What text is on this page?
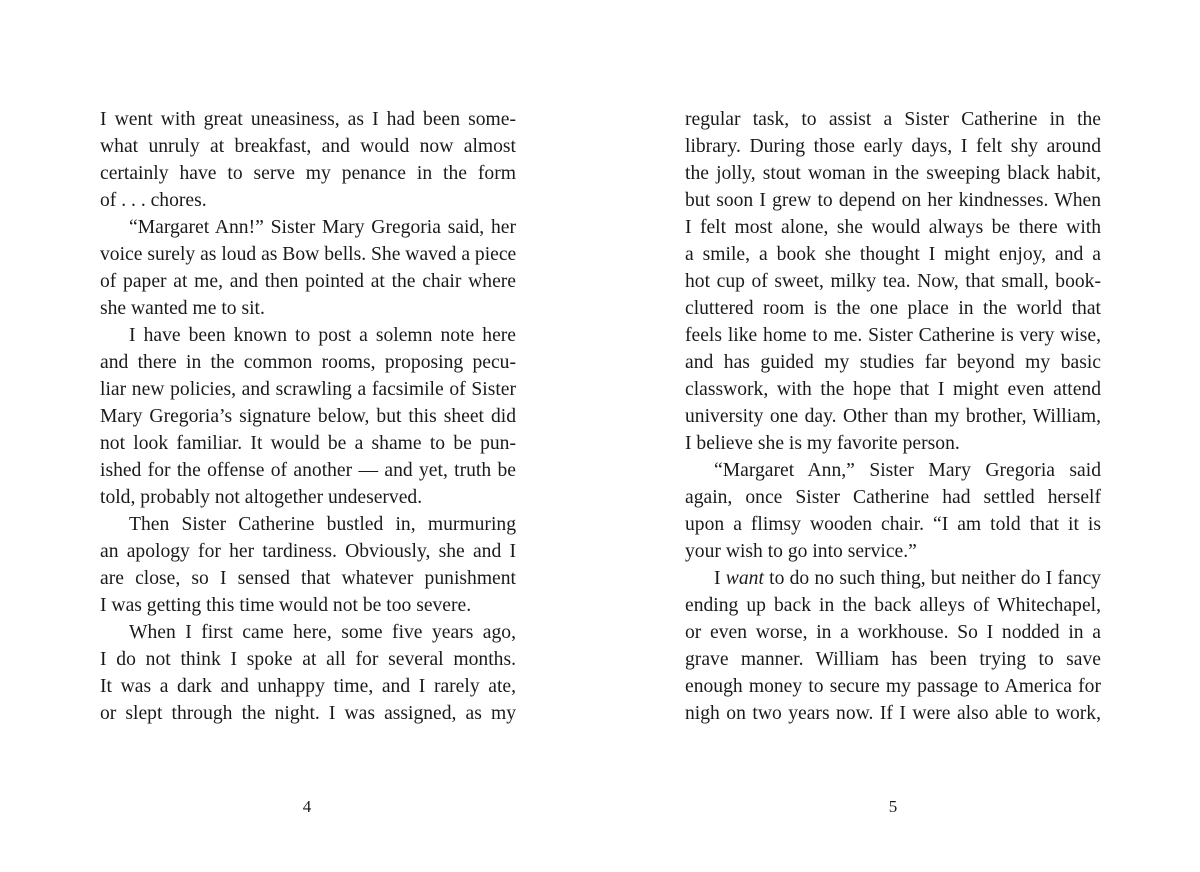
I went with great uneasiness, as I had been some-
what unruly at breakfast, and would now almost
certainly have to serve my penance in the form
of . . . chores.
“Margaret Ann!” Sister Mary Gregoria said, her
voice surely as loud as Bow bells. She waved a piece
of paper at me, and then pointed at the chair where
she wanted me to sit.
I have been known to post a solemn note here
and there in the common rooms, proposing pecu-
liar new policies, and scrawling a facsimile of Sister
Mary Gregoria’s signature below, but this sheet did
not look familiar. It would be a shame to be pun-
ished for the offense of another — and yet, truth be
told, probably not altogether undeserved.
Then Sister Catherine bustled in, murmuring
an apology for her tardiness. Obviously, she and I
are close, so I sensed that whatever punishment
I was getting this time would not be too severe.
When I first came here, some five years ago,
I do not think I spoke at all for several months.
It was a dark and unhappy time, and I rarely ate,
or slept through the night. I was assigned, as my
4
regular task, to assist a Sister Catherine in the
library. During those early days, I felt shy around
the jolly, stout woman in the sweeping black habit,
but soon I grew to depend on her kindnesses. When
I felt most alone, she would always be there with
a smile, a book she thought I might enjoy, and a
hot cup of sweet, milky tea. Now, that small, book-
cluttered room is the one place in the world that
feels like home to me. Sister Catherine is very wise,
and has guided my studies far beyond my basic
classwork, with the hope that I might even attend
university one day. Other than my brother, William,
I believe she is my favorite person.
“Margaret Ann,” Sister Mary Gregoria said
again, once Sister Catherine had settled herself
upon a flimsy wooden chair. “I am told that it is
your wish to go into service.”
I want to do no such thing, but neither do I fancy
ending up back in the back alleys of Whitechapel,
or even worse, in a workhouse. So I nodded in a
grave manner. William has been trying to save
enough money to secure my passage to America for
nigh on two years now. If I were also able to work,
5
